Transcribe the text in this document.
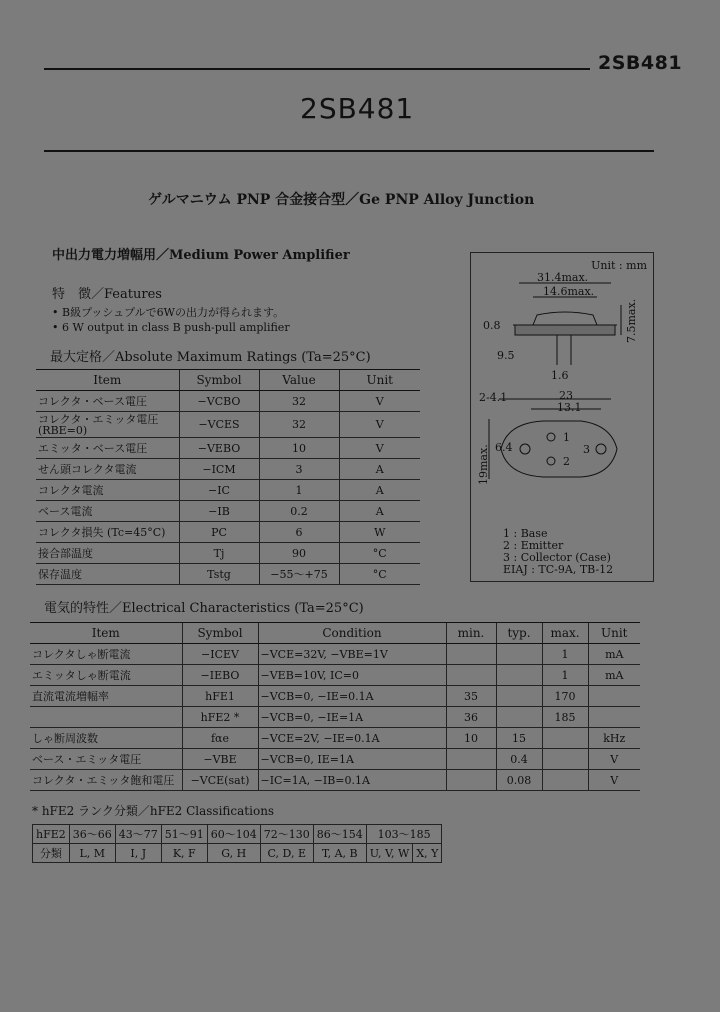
2SB481
2SB481
ゲルマニウム PNP 合金接合型／Ge PNP Alloy Junction
中出力電力増幅用／Medium Power Amplifier
特　徴／Features
• B級プッシュプルで6Wの出力が得られます。
• 6 W output in class B push-pull amplifier
最大定格／Absolute Maximum Ratings (Ta=25°C)
Item	Symbol	Value	Unit
コレクタ・ベース電圧	−VCBO	32	V
コレクタ・エミッタ電圧 (RBE=0)	−VCES	32	V
エミッタ・ベース電圧	−VEBO	10	V
せん頭コレクタ電流	−ICM	3	A
コレクタ電流	−IC	1	A
ベース電流	−IB	0.2	A
コレクタ損失 (Tc=45°C)	PC	6	W
接合部温度	Tj	90	°C
保存温度	Tstg	−55～+75	°C
Unit : mm
31.4max.
14.6max.
7.5max.
0.8
9.5
1.6
2-4.1	23
13.1
19max. 6.4
1
2
3
1 : Base
2 : Emitter
3 : Collector (Case)
EIAJ : TC-9A, TB-12
電気的特性／Electrical Characteristics (Ta=25°C)
Item	Symbol	Condition	min.	typ.	max.	Unit
コレクタしゃ断電流	−ICEV	−VCE=32V, −VBE=1V			1	mA
エミッタしゃ断電流	−IEBO	−VEB=10V, IC=0			1	mA
直流電流増幅率	hFE1	−VCB=0, −IE=0.1A	35		170	
	hFE2 *	−VCB=0, −IE=1A	36		185	
しゃ断周波数	fαe	−VCE=2V, −IE=0.1A	10	15		kHz
ベース・エミッタ電圧	−VBE	−VCB=0, IE=1A		0.4		V
コレクタ・エミッタ飽和電圧	−VCE(sat)	−IC=1A, −IB=0.1A		0.08		V
* hFE2 ランク分類／hFE2 Classifications
hFE2	36～66	43～77	51～91	60～104	72～130	86～154	103～185	
分類	L, M	I, J	K, F	G, H	C, D, E	T, A, B	U, V, W	X, Y
